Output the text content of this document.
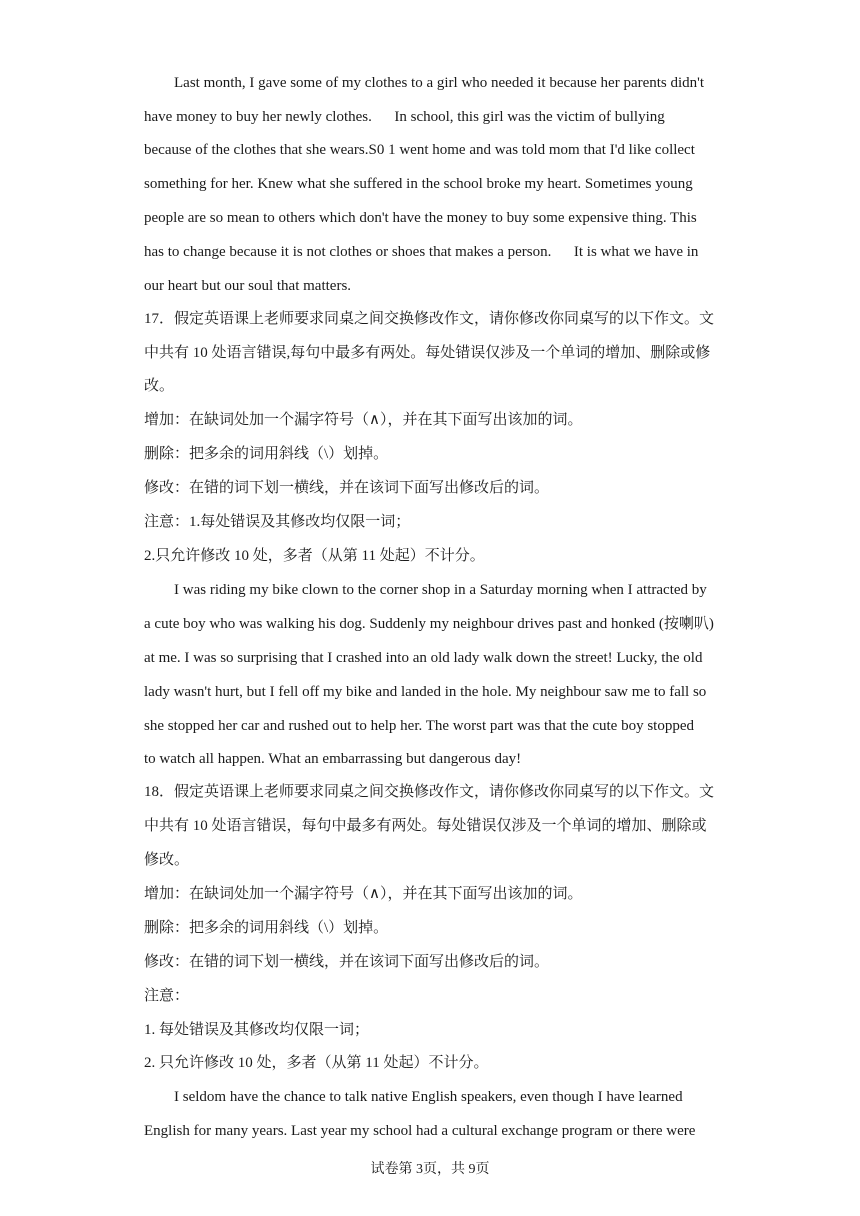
Last month, I gave some of my clothes to a girl who needed it because her parents didn't
have money to buy her newly clothes.      In school, this girl was the victim of bullying
because of the clothes that she wears.S0 1 went home and was told mom that I'd like collect
something for her. Knew what she suffered in the school broke my heart. Sometimes young
people are so mean to others which don't have the money to buy some expensive thing. This
has to change because it is not clothes or shoes that makes a person.      It is what we have in
our heart but our soul that matters.
17．假定英语课上老师要求同桌之间交换修改作文，请你修改你同桌写的以下作文。文
中共有 10 处语言错误,每句中最多有两处。每处错误仅涉及一个单词的增加、删除或修
改。
增加：在缺词处加一个漏字符号（∧），并在其下面写出该加的词。
删除：把多余的词用斜线（\）划掉。
修改：在错的词下划一横线，并在该词下面写出修改后的词。
注意：1.每处错误及其修改均仅限一词；
2.只允许修改 10 处，多者（从第 11 处起）不计分。
I was riding my bike clown to the corner shop in a Saturday morning when I attracted by
a cute boy who was walking his dog. Suddenly my neighbour drives past and honked (按喇叭)
at me. I was so surprising that I crashed into an old lady walk down the street! Lucky, the old
lady wasn't hurt, but I fell off my bike and landed in the hole. My neighbour saw me to fall so
she stopped her car and rushed out to help her. The worst part was that the cute boy stopped
to watch all happen. What an embarrassing but dangerous day!
18．假定英语课上老师要求同桌之间交换修改作文，请你修改你同桌写的以下作文。文
中共有 10 处语言错误，每句中最多有两处。每处错误仅涉及一个单词的增加、删除或
修改。
增加：在缺词处加一个漏字符号（∧），并在其下面写出该加的词。
删除：把多余的词用斜线（\）划掉。
修改：在错的词下划一横线，并在该词下面写出修改后的词。
注意：
1. 每处错误及其修改均仅限一词；
2. 只允许修改 10 处，多者（从第 11 处起）不计分。
I seldom have the chance to talk native English speakers, even though I have learned
English for many years. Last year my school had a cultural exchange program or there were
试卷第 3页，共 9页
